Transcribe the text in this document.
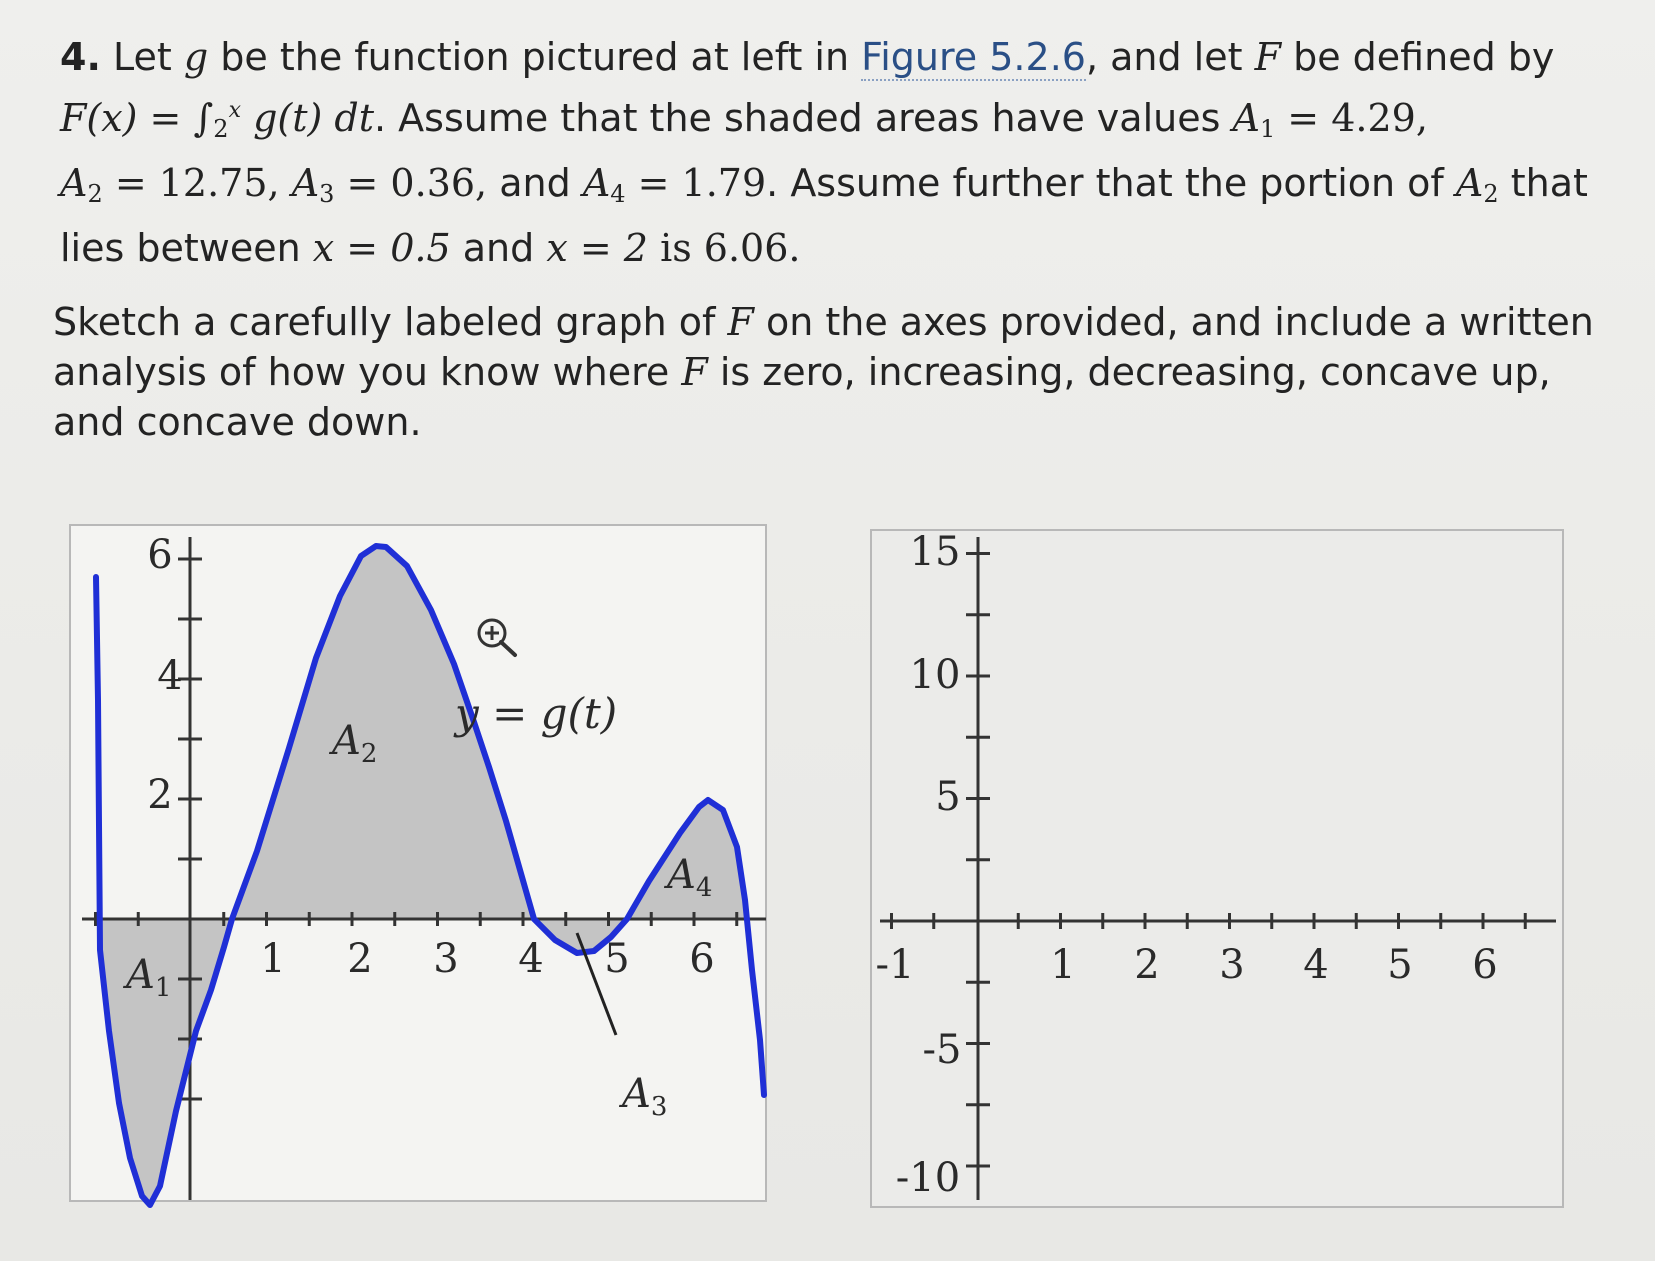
4. Let g be the function pictured at left in Figure 5.2.6, and let F be defined by
$F(x) = \int_2^x$ g(t) dt. Assume that the shaded areas have values $A_1 = 4.29$,
$A_2 = 12.75$, $A_3 = 0.36$, and $A_4 = 1.79$. Assume further that the portion of $A_2$ that lies between x = 0.5 and x = 2 is 6.06.

Sketch a carefully labeled graph of F on the axes provided, and include a written analysis of how you know where F is zero, increasing, decreasing, concave up, and concave down.

6
4
2
1 2 3 4 5 6
y = g(t)
$A_1$
$A_2$
$A_3$
$A_4$
15
10
5
-5
-10
-1	1 2 3 4 5 6
